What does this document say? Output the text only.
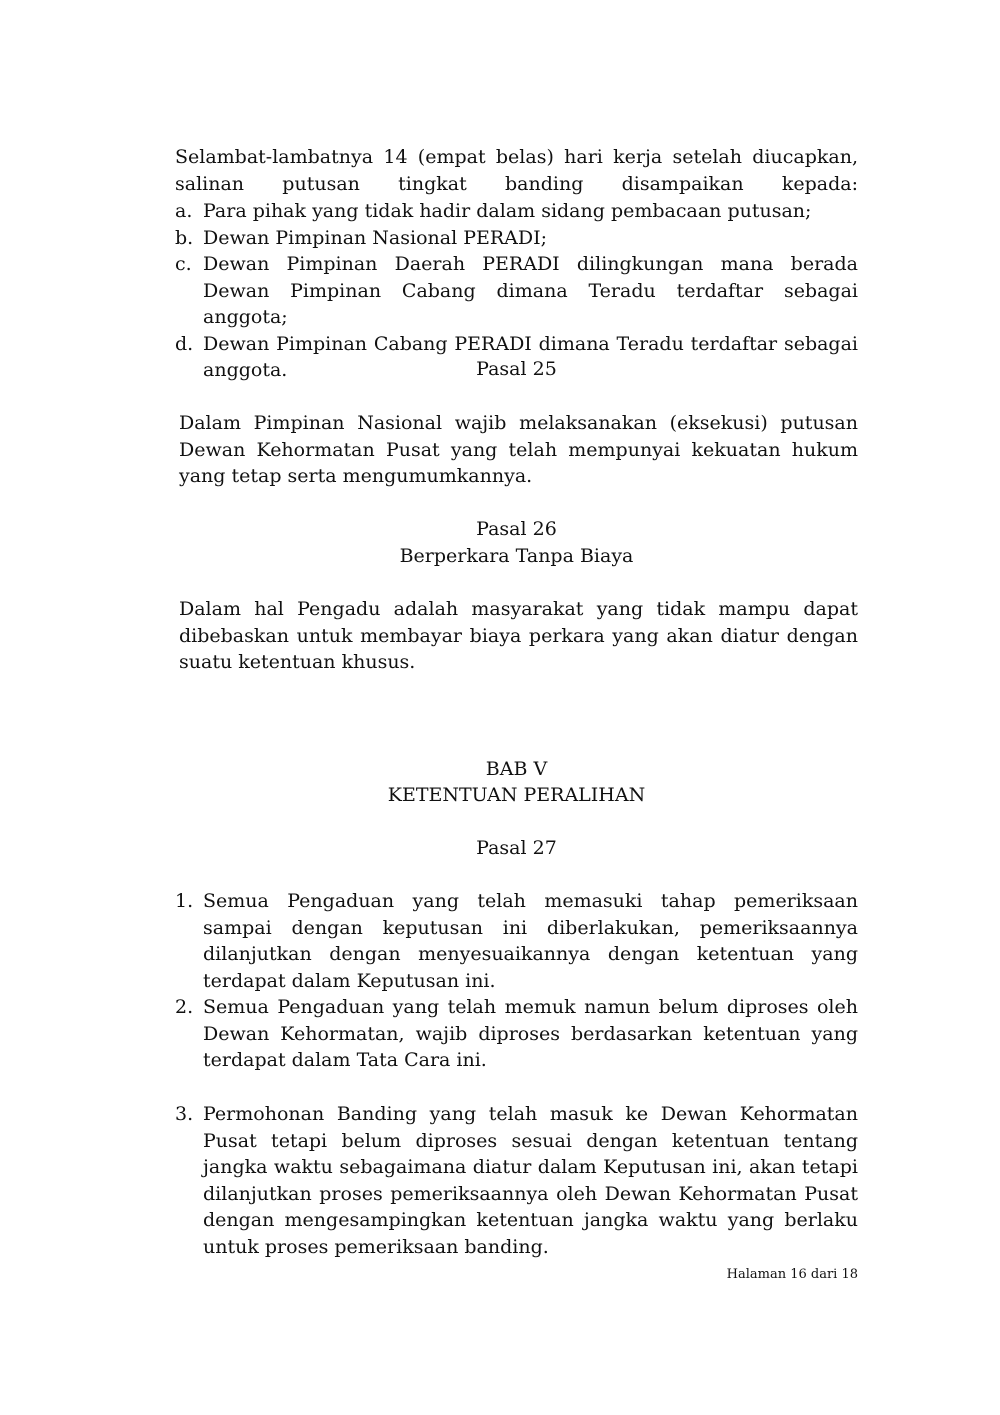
Selambat-lambatnya 14 (empat belas) hari kerja setelah diucapkan, salinan putusan tingkat banding disampaikan kepada:

a. Para pihak yang tidak hadir dalam sidang pembacaan putusan;
b. Dewan Pimpinan Nasional PERADI;
c. Dewan Pimpinan Daerah PERADI dilingkungan mana berada Dewan Pimpinan Cabang dimana Teradu terdaftar sebagai anggota;
d. Dewan Pimpinan Cabang PERADI dimana Teradu terdaftar sebagai anggota.	Pasal 25

Dalam Pimpinan Nasional wajib melaksanakan (eksekusi) putusan Dewan Kehormatan Pusat yang telah mempunyai kekuatan hukum yang tetap serta mengumumkannya.

Pasal 26
Berperkara Tanpa Biaya

Dalam hal Pengadu adalah masyarakat yang tidak mampu dapat dibebaskan untuk membayar biaya perkara yang akan diatur dengan suatu ketentuan khusus.

BAB V
KETENTUAN PERALIHAN
Pasal 27
1. Semua Pengaduan yang telah memasuki tahap pemeriksaan sampai dengan keputusan ini diberlakukan, pemeriksaannya dilanjutkan dengan menyesuaikannya dengan ketentuan yang terdapat dalam Keputusan ini.
2. Semua Pengaduan yang telah memuk namun belum diproses oleh Dewan Kehormatan, wajib diproses berdasarkan ketentuan yang terdapat dalam Tata Cara ini.
3. Permohonan Banding yang telah masuk ke Dewan Kehormatan Pusat tetapi belum diproses sesuai dengan ketentuan tentang jangka waktu sebagaimana diatur dalam Keputusan ini, akan tetapi dilanjutkan proses pemeriksaannya oleh Dewan Kehormatan Pusat dengan mengesampingkan ketentuan jangka waktu yang berlaku untuk proses pemeriksaan banding.
Halaman 16 dari 18
